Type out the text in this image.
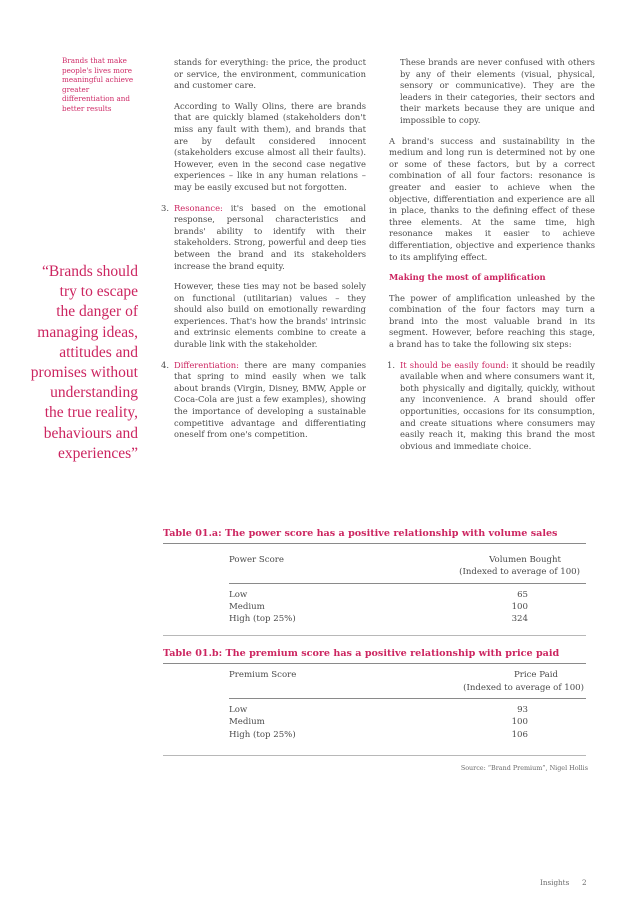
Brands that make people's lives more meaningful achieve greater differentiation and better results
“Brands should
try to escape
the danger of
managing ideas,
attitudes and
promises without
understanding
the true reality,
behaviours and
experiences”

stands for everything: the price, the product or service, the environment, communication and customer care.

According to Wally Olins, there are brands that are quickly blamed (stakeholders don't miss any fault with them), and brands that are by default considered innocent (stakeholders excuse almost all their faults). However, even in the second case negative experiences – like in any human relations – may be easily excused but not forgotten.

3. Resonance: it's based on the emotional response, personal characteristics and brands' ability to identify with their stakeholders. Strong, powerful and deep ties between the brand and its stakeholders increase the brand equity.

However, these ties may not be based solely on functional (utilitarian) values – they should also build on emotionally rewarding experiences. That's how the brands' intrinsic and extrinsic elements combine to create a durable link with the stakeholder.

4. Differentiation: there are many companies that spring to mind easily when we talk about brands (Virgin, Disney, BMW, Apple or Coca-Cola are just a few examples), showing the importance of developing a sustainable competitive advantage and differentiating oneself from one's competition.

These brands are never confused with others by any of their elements (visual, physical, sensory or communicative). They are the leaders in their categories, their sectors and their markets because they are unique and impossible to copy.

A brand's success and sustainability in the medium and long run is determined not by one or some of these factors, but by a correct combination of all four factors: resonance is greater and easier to achieve when the objective, differentiation and experience are all in place, thanks to the defining effect of these three elements. At the same time, high resonance makes it easier to achieve differentiation, objective and experience thanks to its amplifying effect.

Making the most of amplification

The power of amplification unleashed by the combination of the four factors may turn a brand into the most valuable brand in its segment. However, before reaching this stage, a brand has to take the following six steps:

1. It should be easily found: it should be readily available when and where consumers want it, both physically and digitally, quickly, without any inconvenience. A brand should offer opportunities, occasions for its consumption, and create situations where consumers may easily reach it, making this brand the most obvious and immediate choice.
Table 01.a: The power score has a positive relationship with volume sales
Power Score	Volumen Bought
(Indexed to average of 100)
Low	65
Medium	100
High (top 25%)	324
Table 01.b: The premium score has a positive relationship with price paid
Premium Score	Price Paid
(Indexed to average of 100)
Low	93
Medium	100
High (top 25%)	106
Source: “Brand Premium”, Nigel Hollis
Insights 2
